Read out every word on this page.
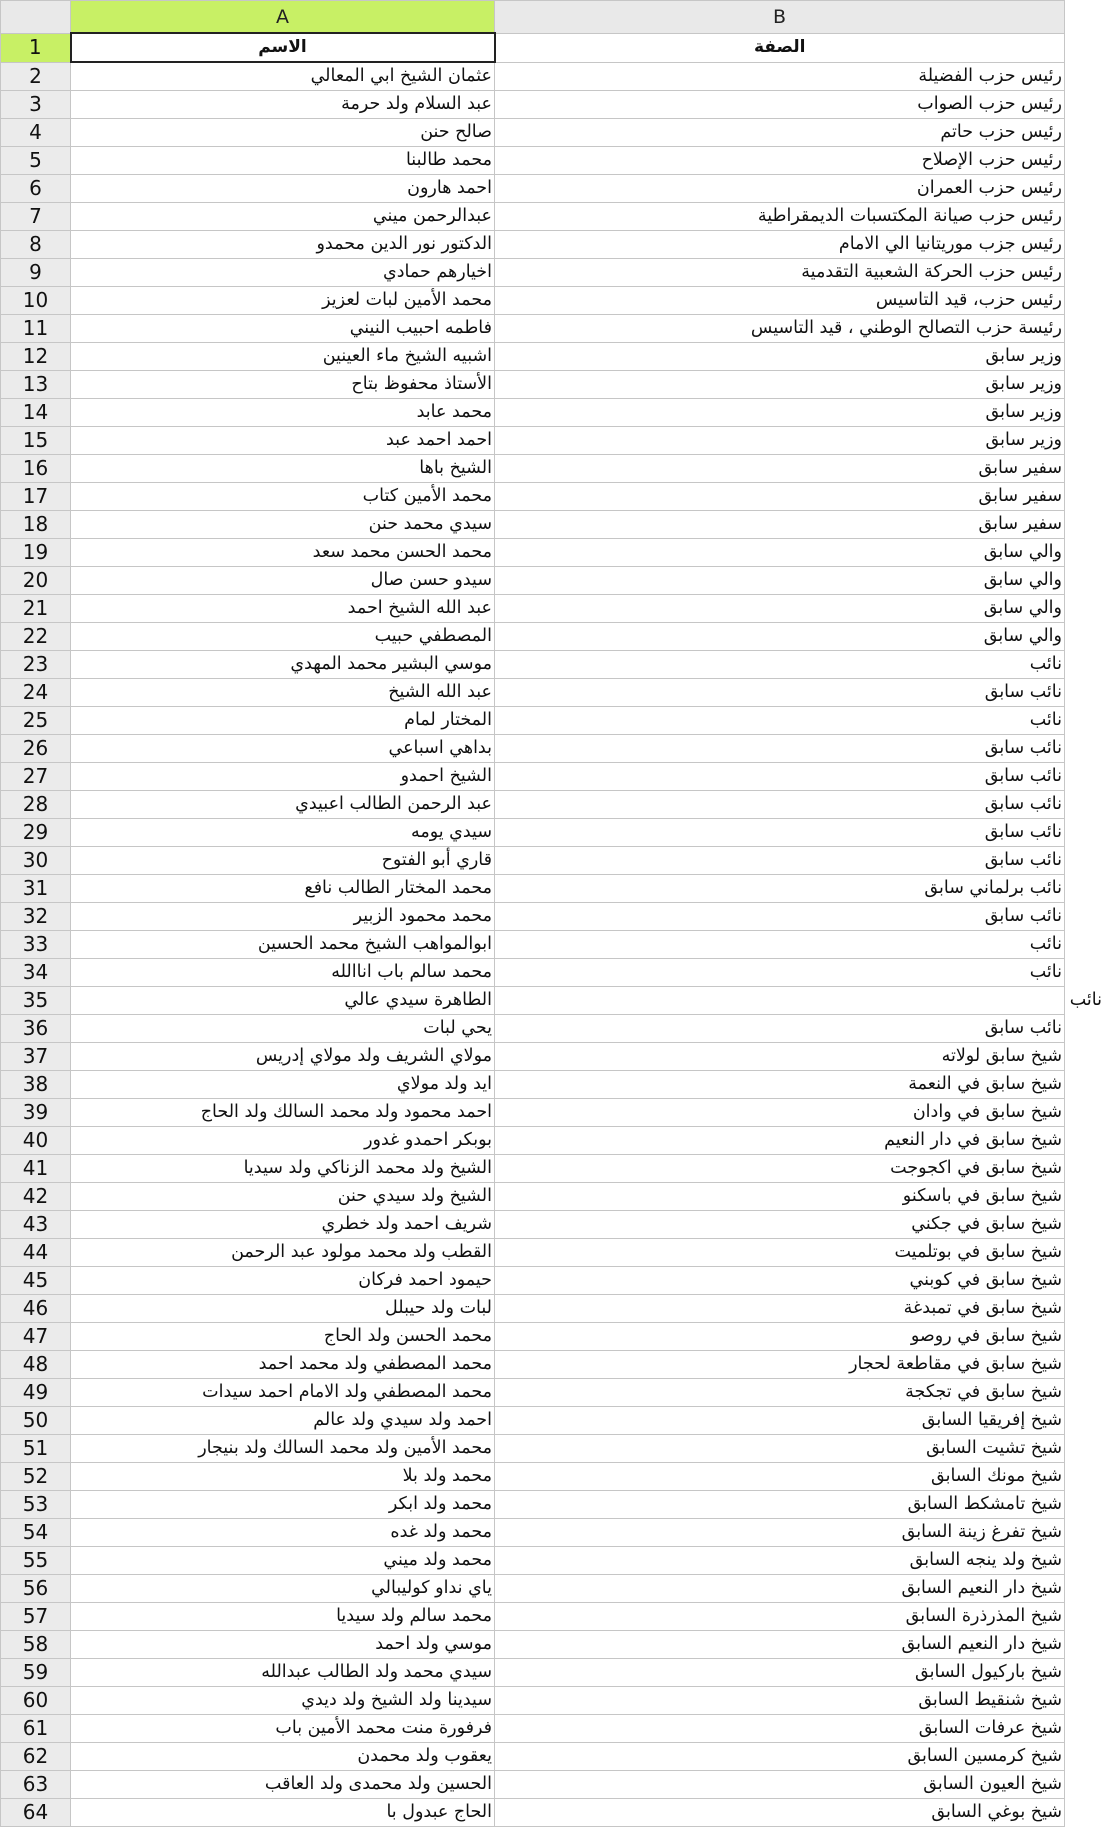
	A	B
1	الاسم	الصفة
2	عثمان الشيخ ابي المعالي	رئيس حزب الفضيلة
3	عبد السلام ولد حرمة	رئيس حزب الصواب
4	صالح حنن	رئيس حزب حاتم
5	محمد طالبنا	رئيس حزب الإصلاح
6	احمد هارون	رئيس حزب العمران
7	عبدالرحمن ميني	رئيس حزب صيانة المكتسبات الديمقراطية
8	الدكتور نور الدين محمدو	رئيس جزب موريتانيا الي الامام
9	اخيارهم حمادي	رئيس حزب الحركة الشعبية التقدمية
10	محمد الأمين لبات لعزيز	رئيس حزب، قيد التاسيس
11	فاطمه احبيب النيني	رئيسة حزب التصالح الوطني ، قيد التاسيس
12	اشبيه الشيخ ماء العينين	وزير سابق
13	الأستاذ محفوظ بتاح	وزير سابق
14	محمد عابد	وزير سابق
15	احمد احمد عبد	وزير سابق
16	الشيخ باها	سفير سابق
17	محمد الأمين كتاب	سفير سابق
18	سيدي محمد حنن	سفير سابق
19	محمد الحسن محمد سعد	والي سابق
20	سيدو حسن صال	والي سابق
21	عبد الله الشيخ احمد	والي سابق
22	المصطفي حبيب	والي سابق
23	موسي البشير محمد المهدي	نائب
24	عبد الله الشيخ	نائب سابق
25	المختار لمام	نائب
26	بداهي اسباعي	نائب سابق
27	الشيخ احمدو	نائب سابق
28	عبد الرحمن الطالب اعبيدي	نائب سابق
29	سيدي يومه	نائب سابق
30	قاري أبو الفتوح	نائب سابق
31	محمد المختار الطالب نافع	نائب برلماني سابق
32	محمد محمود الزبير	نائب سابق
33	ابوالمواهب الشيخ محمد الحسين	نائب
34	محمد سالم باب اناالله	نائب
35	الطاهرة سيدي عالي	نائب
36	يحي لبات	نائب سابق
37	مولاي الشريف ولد مولاي إدريس	شيخ سابق لولاته
38	ايد ولد مولاي	شيخ سابق في النعمة
39	احمد محمود ولد محمد السالك ولد الحاج	شيخ سابق في وادان
40	بوبكر احمدو غدور	شيخ سابق في دار النعيم
41	الشيخ ولد محمد الزناكي ولد سيديا	شيخ سابق في اكجوجت
42	الشيخ ولد سيدي حنن	شيخ سابق في باسكنو
43	شريف احمد ولد خطري	شيخ سابق في جكني
44	القطب ولد محمد مولود عبد الرحمن	شيخ سابق في بوتلميت
45	حيمود احمد فركان	شيخ سابق في كوبني
46	لبات ولد حيبلل	شيخ سابق في تمبدغة
47	محمد الحسن ولد الحاج	شيخ سابق في روصو
48	محمد المصطفي ولد محمد احمد	شيخ سابق في مقاطعة لحجار
49	محمد المصطفي ولد الامام احمد سيدات	شيخ سابق في تجكجة
50	احمد ولد سيدي ولد عالم	شيخ إفريقيا السابق
51	محمد الأمين ولد محمد السالك ولد بنيجار	شيخ تشيت السابق
52	محمد ولد بلا	شيخ مونك السابق
53	محمد ولد ابكر	شيخ تامشكط السابق
54	محمد ولد غده	شيخ تفرغ زينة السابق
55	محمد ولد ميني	شيخ ولد ينجه السابق
56	ياي نداو كوليبالي	شيخ دار النعيم السابق
57	محمد سالم ولد سيديا	شيخ المذرذرة السابق
58	موسي ولد احمد	شيخ دار النعيم السابق
59	سيدي محمد ولد الطالب عبدالله	شيخ باركيول السابق
60	سيدينا ولد الشيخ ولد ديدي	شيخ شنقيط السابق
61	فرفورة منت محمد الأمين باب	شيخ عرفات السابق
62	يعقوب ولد محمدن	شيخ كرمسين السابق
63	الحسين ولد محمدى ولد العاقب	شيخ العيون السابق
64	الحاج عبدول با	شيخ بوغي السابق
